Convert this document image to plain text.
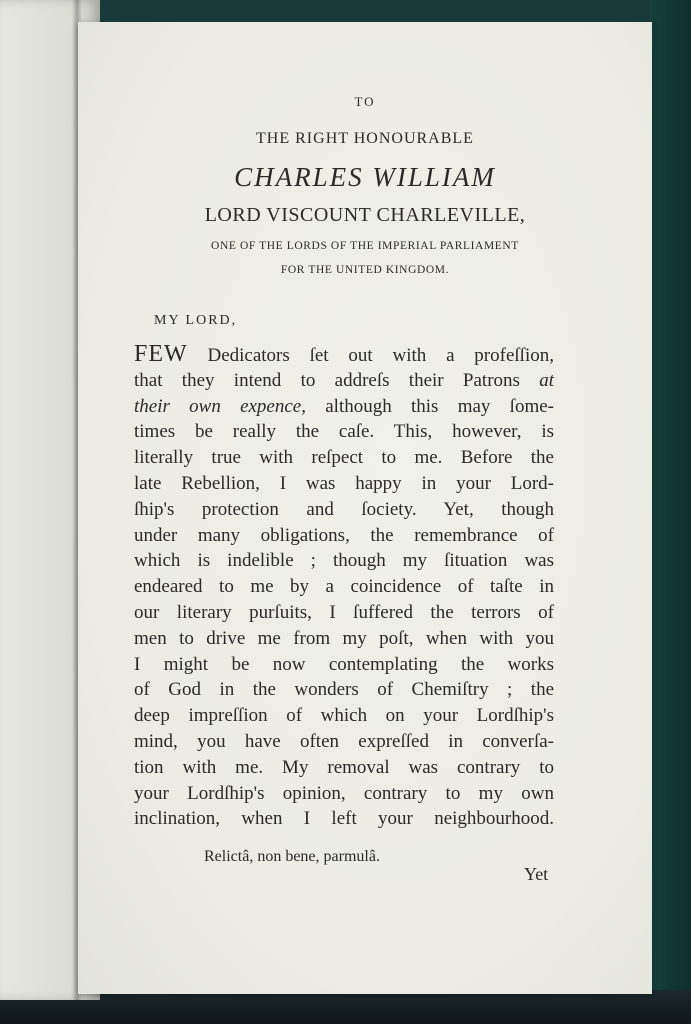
TO
THE RIGHT HONOURABLE
CHARLES WILLIAM
LORD VISCOUNT CHARLEVILLE,
ONE OF THE LORDS OF THE IMPERIAL PARLIAMENT
FOR THE UNITED KINGDOM.
MY LORD,
FEW Dedicators ſet out with a profeſſion,
that they intend to addreſs their Patrons at
their own expence, although this may ſome-
times be really the caſe. This, however, is
literally true with reſpect to me. Before the
late Rebellion, I was happy in your Lord-
ſhip's protection and ſociety. Yet, though
under many obligations, the remembrance of
which is indelible ; though my ſituation was
endeared to me by a coincidence of taſte in
our literary purſuits, I ſuffered the terrors of
men to drive me from my poſt, when with you
I might be now contemplating the works
of God in the wonders of Chemiſtry ; the
deep impreſſion of which on your Lordſhip's
mind, you have often expreſſed in converſa-
tion with me. My removal was contrary to
your Lordſhip's opinion, contrary to my own
inclination, when I left your neighbourhood.
Relictâ, non bene, parmulâ.
Yet
